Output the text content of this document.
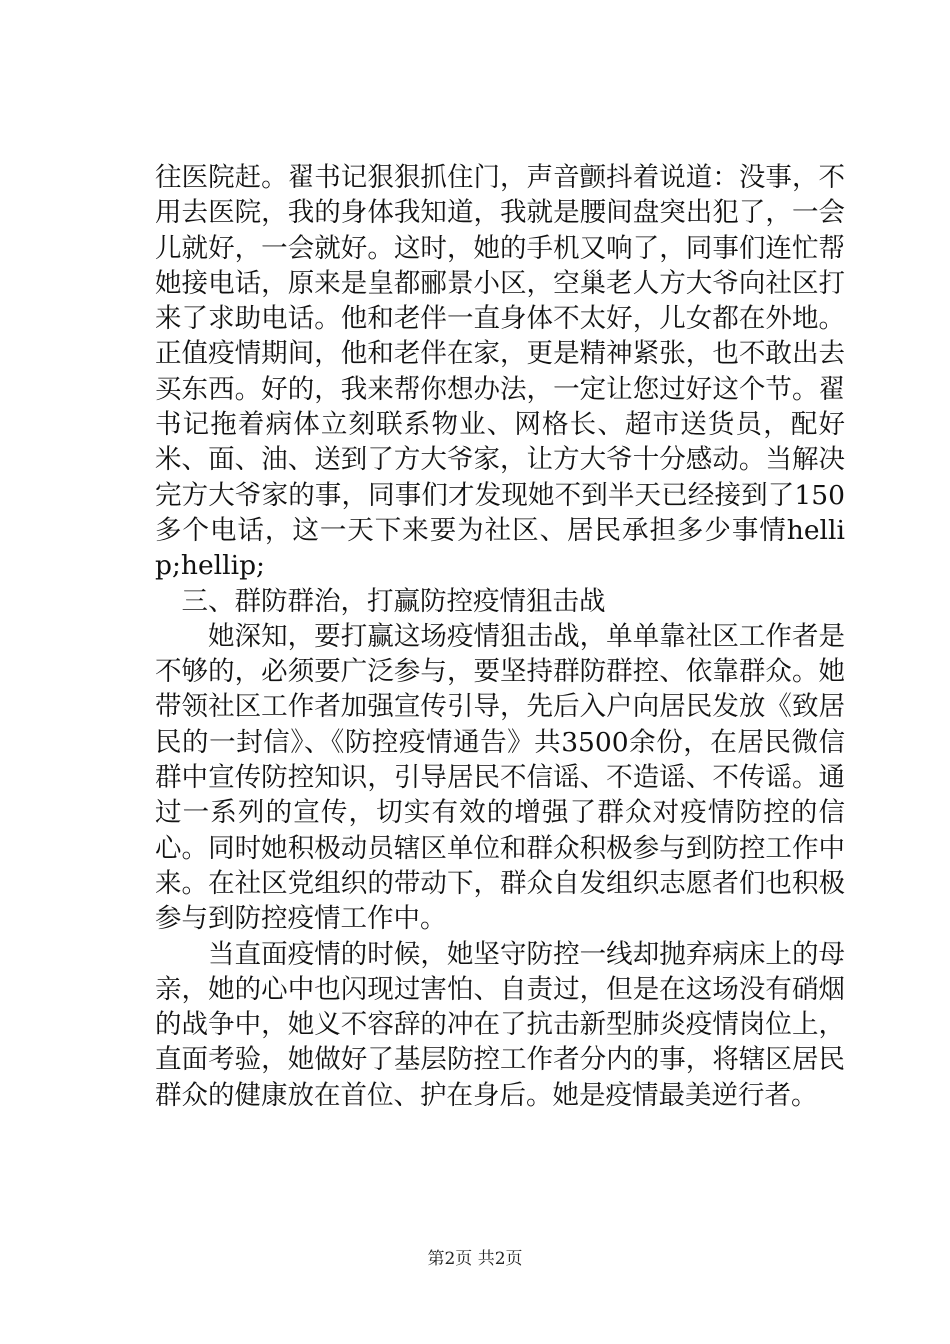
往医院赶。翟书记狠狠抓住门，声音颤抖着说道：没事，不用去医院，我的身体我知道，我就是腰间盘突出犯了，一会儿就好，一会就好。这时，她的手机又响了，同事们连忙帮她接电话，原来是皇都郦景小区，空巢老人方大爷向社区打来了求助电话。他和老伴一直身体不太好，儿女都在外地。正值疫情期间，他和老伴在家，更是精神紧张，也不敢出去买东西。好的，我来帮你想办法，一定让您过好这个节。翟书记拖着病体立刻联系物业、网格长、超市送货员，配好米、面、油、送到了方大爷家，让方大爷十分感动。当解决完方大爷家的事，同事们才发现她不到半天已经接到了150多个电话，这一天下来要为社区、居民承担多少事情hellip;hellip;

三、群防群治，打赢防控疫情狙击战

她深知，要打赢这场疫情狙击战，单单靠社区工作者是不够的，必须要广泛参与，要坚持群防群控、依靠群众。她带领社区工作者加强宣传引导，先后入户向居民发放《致居民的一封信》、《防控疫情通告》共3500余份，在居民微信群中宣传防控知识，引导居民不信谣、不造谣、不传谣。通过一系列的宣传，切实有效的增强了群众对疫情防控的信心。同时她积极动员辖区单位和群众积极参与到防控工作中来。在社区党组织的带动下，群众自发组织志愿者们也积极参与到防控疫情工作中。

当直面疫情的时候，她坚守防控一线却抛弃病床上的母亲，她的心中也闪现过害怕、自责过，但是在这场没有硝烟的战争中，她义不容辞的冲在了抗击新型肺炎疫情岗位上，直面考验，她做好了基层防控工作者分内的事，将辖区居民群众的健康放在首位、护在身后。她是疫情最美逆行者。

第2页 共2页
